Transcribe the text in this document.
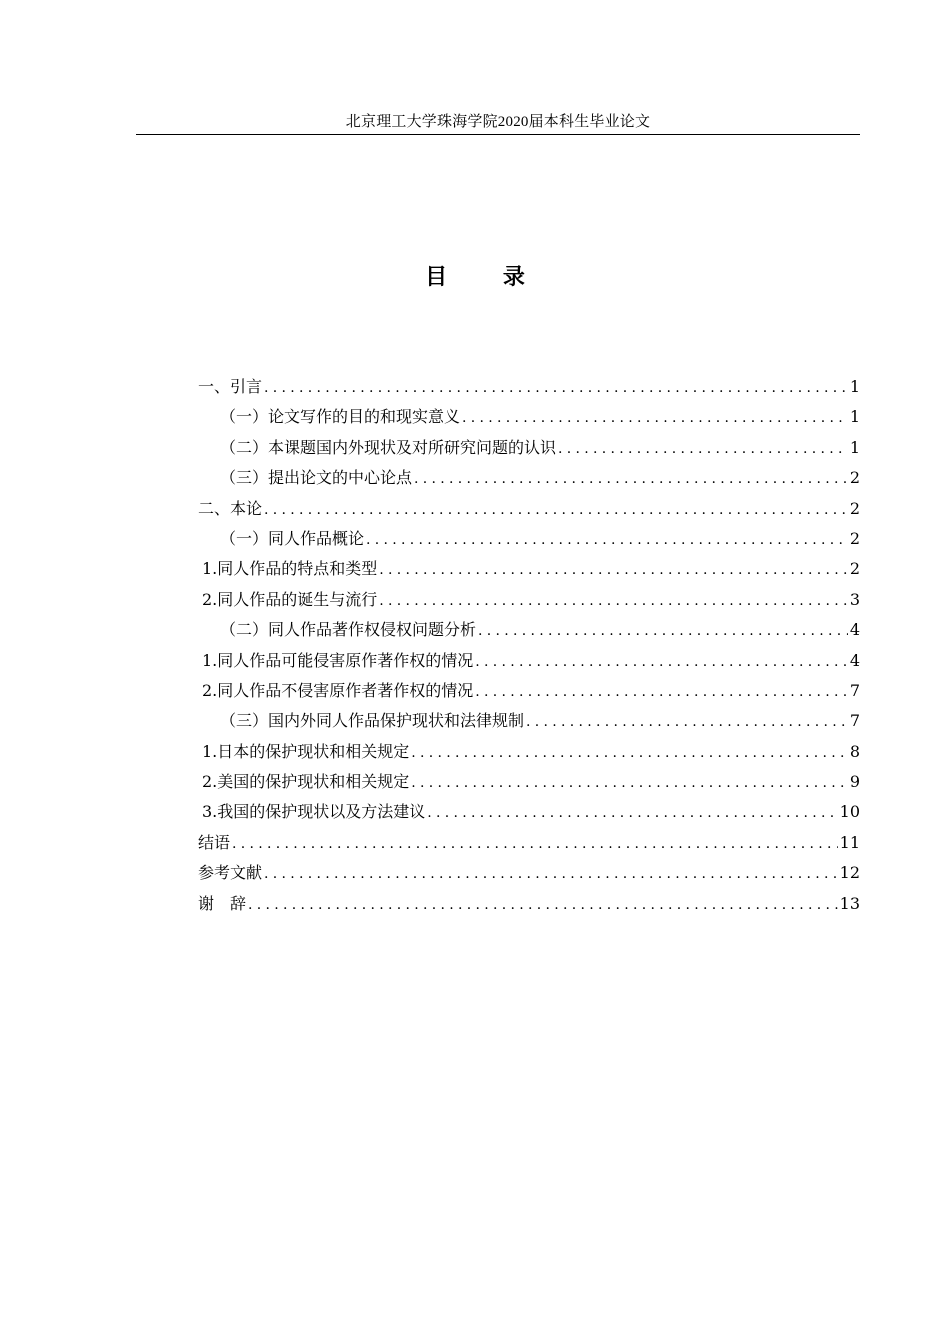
北京理工大学珠海学院2020届本科生毕业论文
目 录
一、引言 .....	1
（一）论文写作的目的和现实意义 .....	1
（二）本课题国内外现状及对所研究问题的认识 .....	1
（三）提出论文的中心论点 .....	2
二、本论 .....	2
（一）同人作品概论 .....	2
1.同人作品的特点和类型 .....	2
2.同人作品的诞生与流行 .....	3
（二）同人作品著作权侵权问题分析 .....	4
1.同人作品可能侵害原作著作权的情况 .....	4
2.同人作品不侵害原作者著作权的情况 .....	7
（三）国内外同人作品保护现状和法律规制 .....	7
1.日本的保护现状和相关规定 .....	8
2.美国的保护现状和相关规定 .....	9
3.我国的保护现状以及方法建议 .....	10
结语 .....	11
参考文献 .....	12
谢　辞 .....	13
